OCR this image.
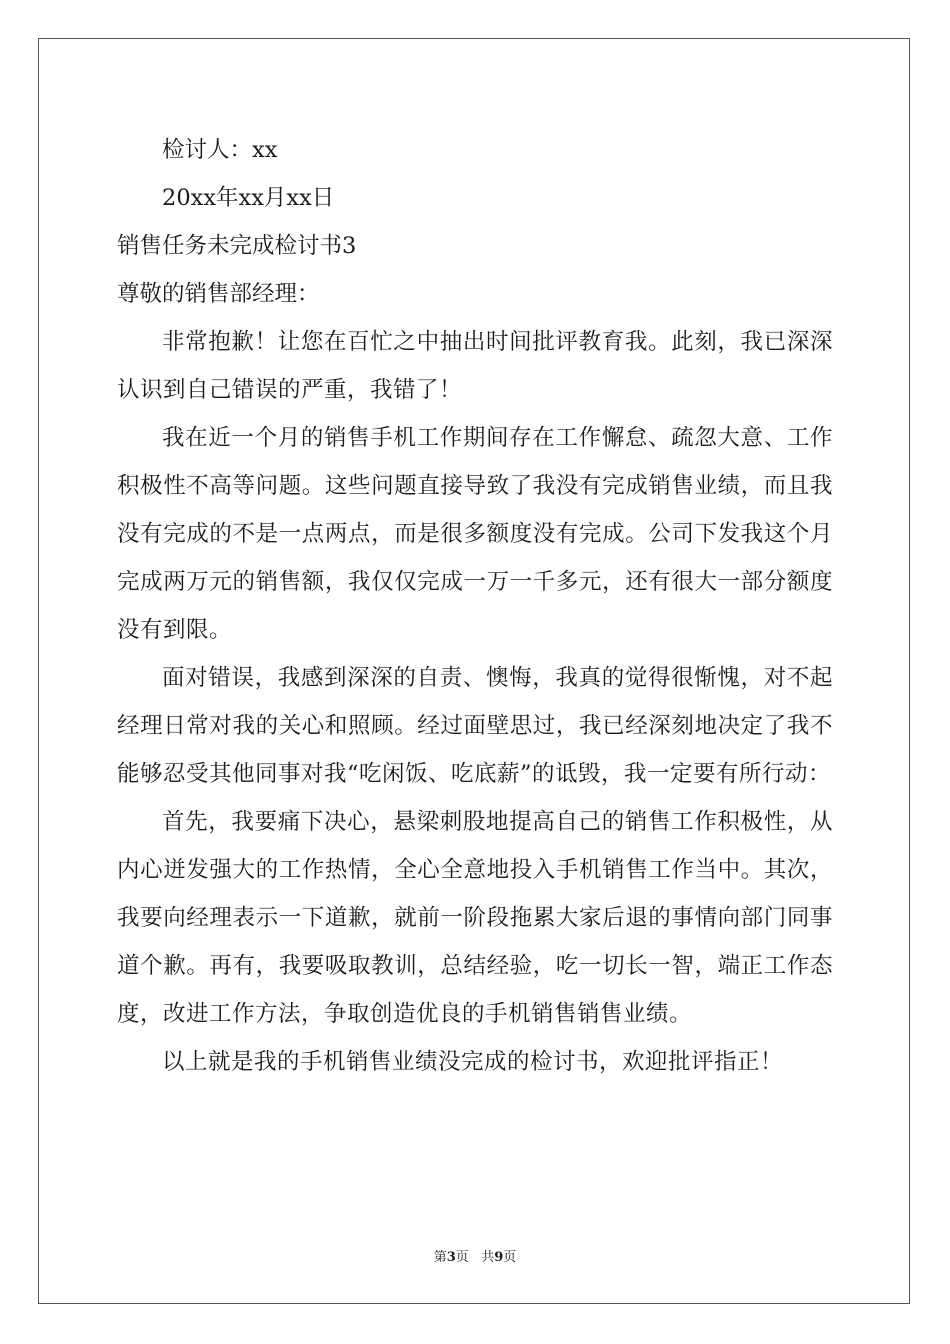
检讨人：xx

20xx年xx月xx日

销售任务未完成检讨书3

尊敬的销售部经理：

非常抱歉！让您在百忙之中抽出时间批评教育我。此刻，我已深深认识到自己错误的严重，我错了！

我在近一个月的销售手机工作期间存在工作懈怠、疏忽大意、工作积极性不高等问题。这些问题直接导致了我没有完成销售业绩，而且我没有完成的不是一点两点，而是很多额度没有完成。公司下发我这个月完成两万元的销售额，我仅仅完成一万一千多元，还有很大一部分额度没有到限。

面对错误，我感到深深的自责、懊悔，我真的觉得很惭愧，对不起经理日常对我的关心和照顾。经过面壁思过，我已经深刻地决定了我不能够忍受其他同事对我“吃闲饭、吃底薪”的诋毁，我一定要有所行动：

首先，我要痛下决心，悬梁刺股地提高自己的销售工作积极性，从内心迸发强大的工作热情，全心全意地投入手机销售工作当中。其次，我要向经理表示一下道歉，就前一阶段拖累大家后退的事情向部门同事道个歉。再有，我要吸取教训，总结经验，吃一切长一智，端正工作态度，改进工作方法，争取创造优良的手机销售销售业绩。

以上就是我的手机销售业绩没完成的检讨书，欢迎批评指正！

第3页   共9页
